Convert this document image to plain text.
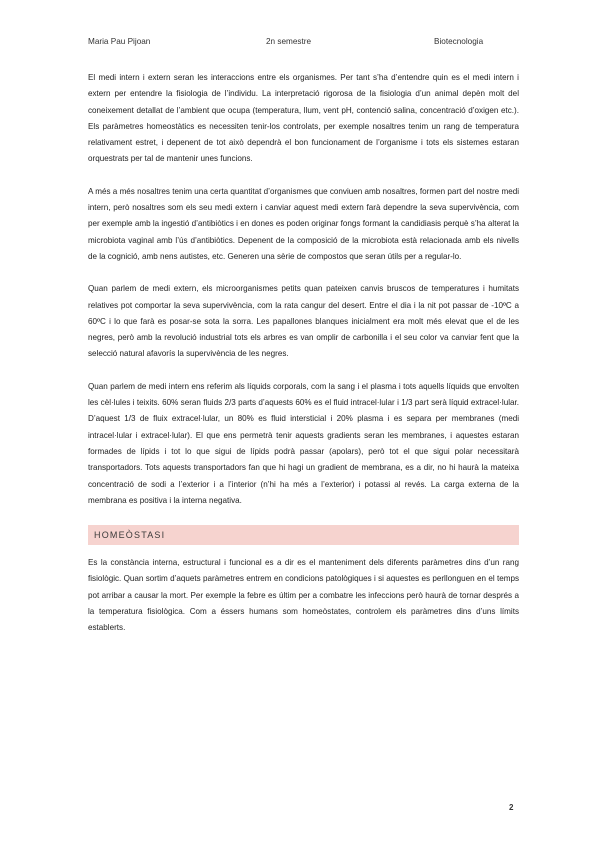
Maria Pau Pijoan	2n semestre	Biotecnologia

El medi intern i extern seran les interaccions entre els organismes. Per tant s’ha d’entendre quin es el medi intern i extern per entendre la fisiologia de l’individu. La interpretació rigorosa de la fisiologia d’un animal depèn molt del coneixement detallat de l’ambient que ocupa (temperatura, llum, vent pH, contenció salina, concentració d’oxigen etc.). Els paràmetres homeostàtics es necessiten tenir-los controlats, per exemple nosaltres tenim un rang de temperatura relativament estret, i depenent de tot això dependrà el bon funcionament de l’organisme i tots els sistemes estaran orquestrats per tal de mantenir unes funcions.

A més a més nosaltres tenim una certa quantitat d’organismes que conviuen amb nosaltres, formen part del nostre medi intern, però nosaltres som els seu medi extern i canviar aquest medi extern farà dependre la seva supervivència, com per exemple amb la ingestió d’antibiòtics i en dones es poden originar fongs formant la candidiasis perquè s’ha alterat la microbiota vaginal amb l’ús d’antibiòtics. Depenent de la composició de la microbiota està relacionada amb els nivells de la cognició, amb nens autistes, etc. Generen una sèrie de compostos que seran útils per a regular-lo.

Quan parlem de medi extern, els microorganismes petits quan pateixen canvis bruscos de temperatures i humitats relatives pot comportar la seva supervivència, com la rata cangur del desert. Entre el dia i la nit pot passar de -10ºC a 60ºC i lo que farà es posar-se sota la sorra. Les papallones blanques inicialment era molt més elevat que el de les negres, però amb la revolució industrial tots els arbres es van omplir de carbonilla i el seu color va canviar fent que la selecció natural afavorís la supervivència de les negres.

Quan parlem de medi intern ens referim als líquids corporals, com la sang i el plasma i tots aquells líquids que envolten les cèl·lules i teixits. 60% seran fluids 2/3 parts d’aquests 60% es el fluid intracel·lular i 1/3 part serà líquid extracel·lular. D’aquest 1/3 de fluix extracel·lular, un 80% es fluid intersticial i 20% plasma i es separa per membranes (medi intracel·lular i extracel·lular). El que ens permetrà tenir aquests gradients seran les membranes, i aquestes estaran formades de lípids i tot lo que sigui de lípids podrà passar (apolars), però tot el que sigui polar necessitarà transportadors. Tots aquests transportadors fan que hi hagi un gradient de membrana, es a dir, no hi haurà la mateixa concentració de sodi a l’exterior i a l’interior (n’hi ha més a l’exterior) i potassi al revés. La carga externa de la membrana es positiva i la interna negativa.

HOMEÒSTASI

Es la constància interna, estructural i funcional es a dir es el manteniment dels diferents paràmetres dins d’un rang fisiològic. Quan sortim d’aquets paràmetres entrem en condicions patològiques i si aquestes es perllonguen en el temps pot arribar a causar la mort. Per exemple la febre es últim per a combatre les infeccions però haurà de tornar després a la temperatura fisiològica. Com a éssers humans som homeòstates, controlem els paràmetres dins d’uns límits establerts.

2
